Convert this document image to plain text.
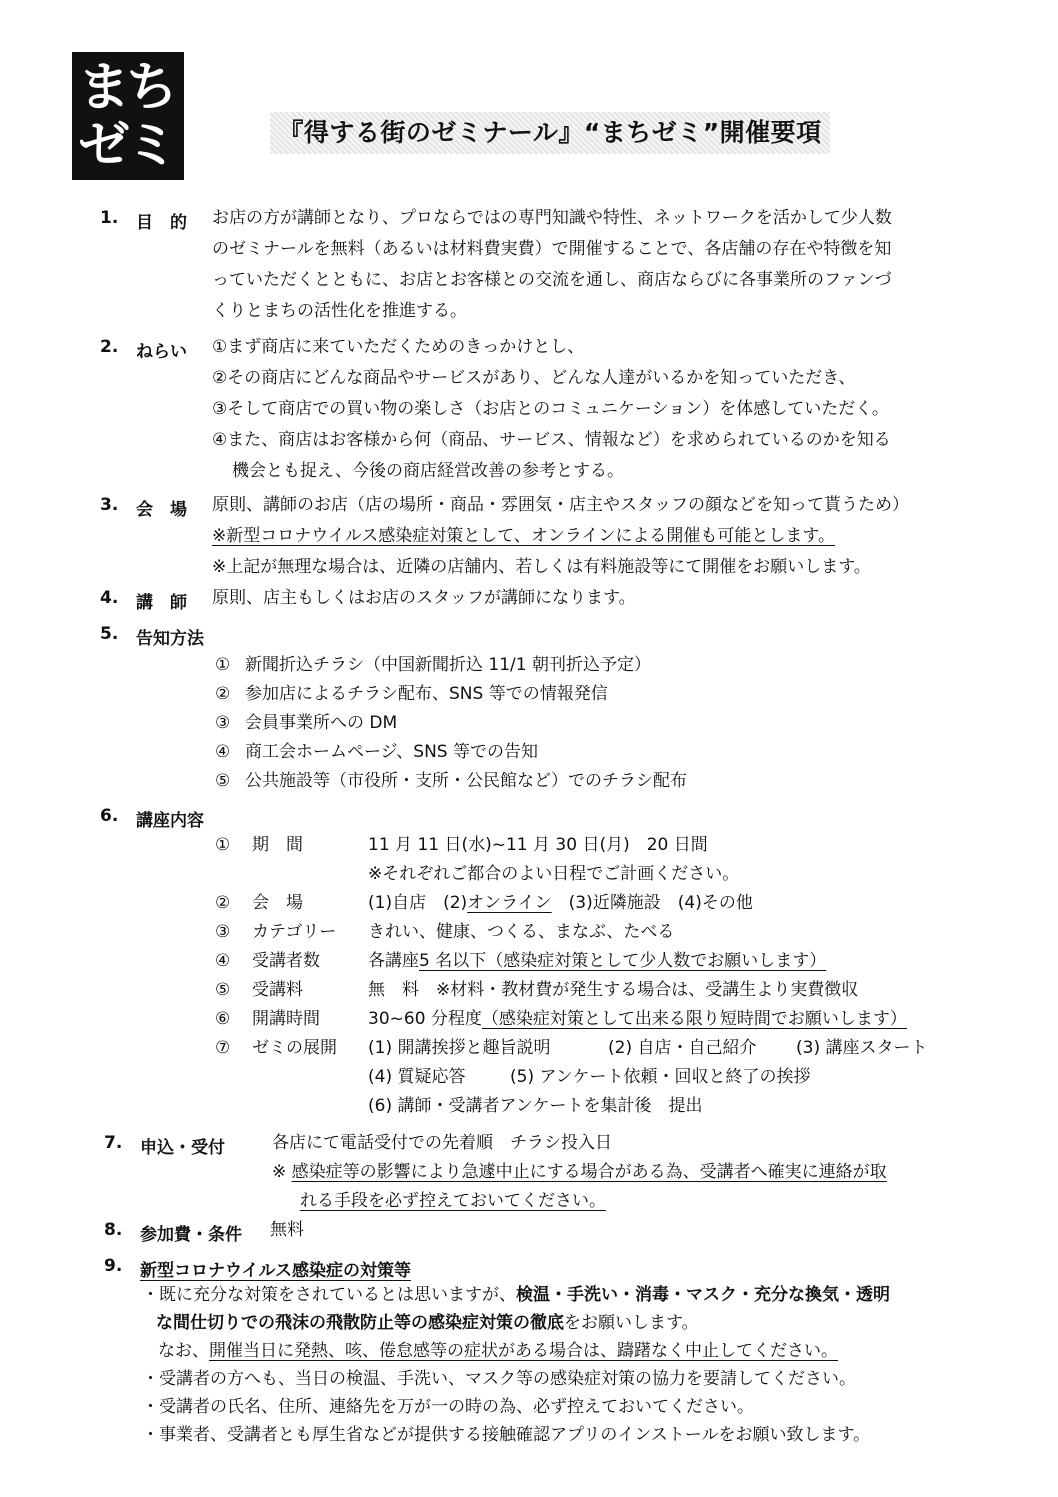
まち
ゼミ	『得する街のゼミナール』“まちゼミ”開催要項
1. 目　的 お店の方が講師となり、プロならではの専門知識や特性、ネットワークを活かして少人数
のゼミナールを無料（あるいは材料費実費）で開催することで、各店舗の存在や特徴を知
っていただくとともに、お店とお客様との交流を通し、商店ならびに各事業所のファンづ
くりとまちの活性化を推進する。
2. ねらい ①まず商店に来ていただくためのきっかけとし、
②その商店にどんな商品やサービスがあり、どんな人達がいるかを知っていただき、
③そして商店での買い物の楽しさ（お店とのコミュニケーション）を体感していただく。
④また、商店はお客様から何（商品、サービス、情報など）を求められているのかを知る
機会とも捉え、今後の商店経営改善の参考とする。
3. 会　場 原則、講師のお店（店の場所・商品・雰囲気・店主やスタッフの顔などを知って貰うため）
※新型コロナウイルス感染症対策として、オンラインによる開催も可能とします。
※上記が無理な場合は、近隣の店舗内、若しくは有料施設等にて開催をお願いします。
4. 講　師 原則、店主もしくはお店のスタッフが講師になります。
5. 告知方法
① 新聞折込チラシ（中国新聞折込 11/1 朝刊折込予定）
② 参加店によるチラシ配布、SNS 等での情報発信
③ 会員事業所への DM
④ 商工会ホームページ、SNS 等での告知
⑤ 公共施設等（市役所・支所・公民館など）でのチラシ配布
6. 講座内容
① 期　間	11 月 11 日(水)~11 月 30 日(月)　20 日間
※それぞれご都合のよい日程でご計画ください。
② 会　場	(1)自店　(2)オンライン　(3)近隣施設　(4)その他
③ カテゴリー きれい、健康、つくる、まなぶ、たべる
④ 受講者数	各講座5 名以下（感染症対策として少人数でお願いします）
⑤ 受講料	無　料　※材料・教材費が発生する場合は、受講生より実費徴収
⑥ 開講時間	30~60 分程度（感染症対策として出来る限り短時間でお願いします）
⑦ ゼミの展開 (1) 開講挨拶と趣旨説明	(2) 自店・自己紹介 (3) 講座スタート
(4) 質疑応答	(5) アンケート依頼・回収と終了の挨拶
(6) 講師・受講者アンケートを集計後　提出
7. 申込・受付	各店にて電話受付での先着順　チラシ投入日
※ 感染症等の影響により急遽中止にする場合がある為、受講者へ確実に連絡が取
れる手段を必ず控えておいてください。
8. 参加費・条件 無料
9. 新型コロナウイルス感染症の対策等
・既に充分な対策をされているとは思いますが、検温・手洗い・消毒・マスク・充分な換気・透明
な間仕切りでの飛沫の飛散防止等の感染症対策の徹底をお願いします。
なお、開催当日に発熱、咳、倦怠感等の症状がある場合は、躊躇なく中止してください。
・受講者の方へも、当日の検温、手洗い、マスク等の感染症対策の協力を要請してください。
・受講者の氏名、住所、連絡先を万が一の時の為、必ず控えておいてください。
・事業者、受講者とも厚生省などが提供する接触確認アプリのインストールをお願い致します。
